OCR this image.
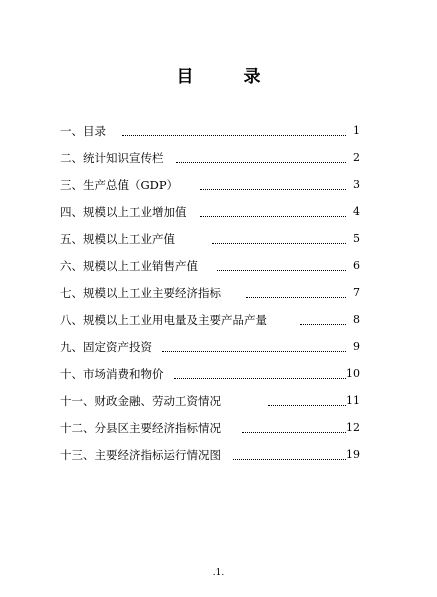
目 录
一、目录	1
二、统计知识宣传栏	2
三、生产总值（GDP）	3
四、规模以上工业增加值	4
五、规模以上工业产值	5
六、规模以上工业销售产值	6
七、规模以上工业主要经济指标	7
八、规模以上工业用电量及主要产品产量	8
九、固定资产投资	9
十、市场消费和物价	10
十一、财政金融、劳动工资情况	11
十二、分县区主要经济指标情况	12
十三、主要经济指标运行情况图	19
.1.
